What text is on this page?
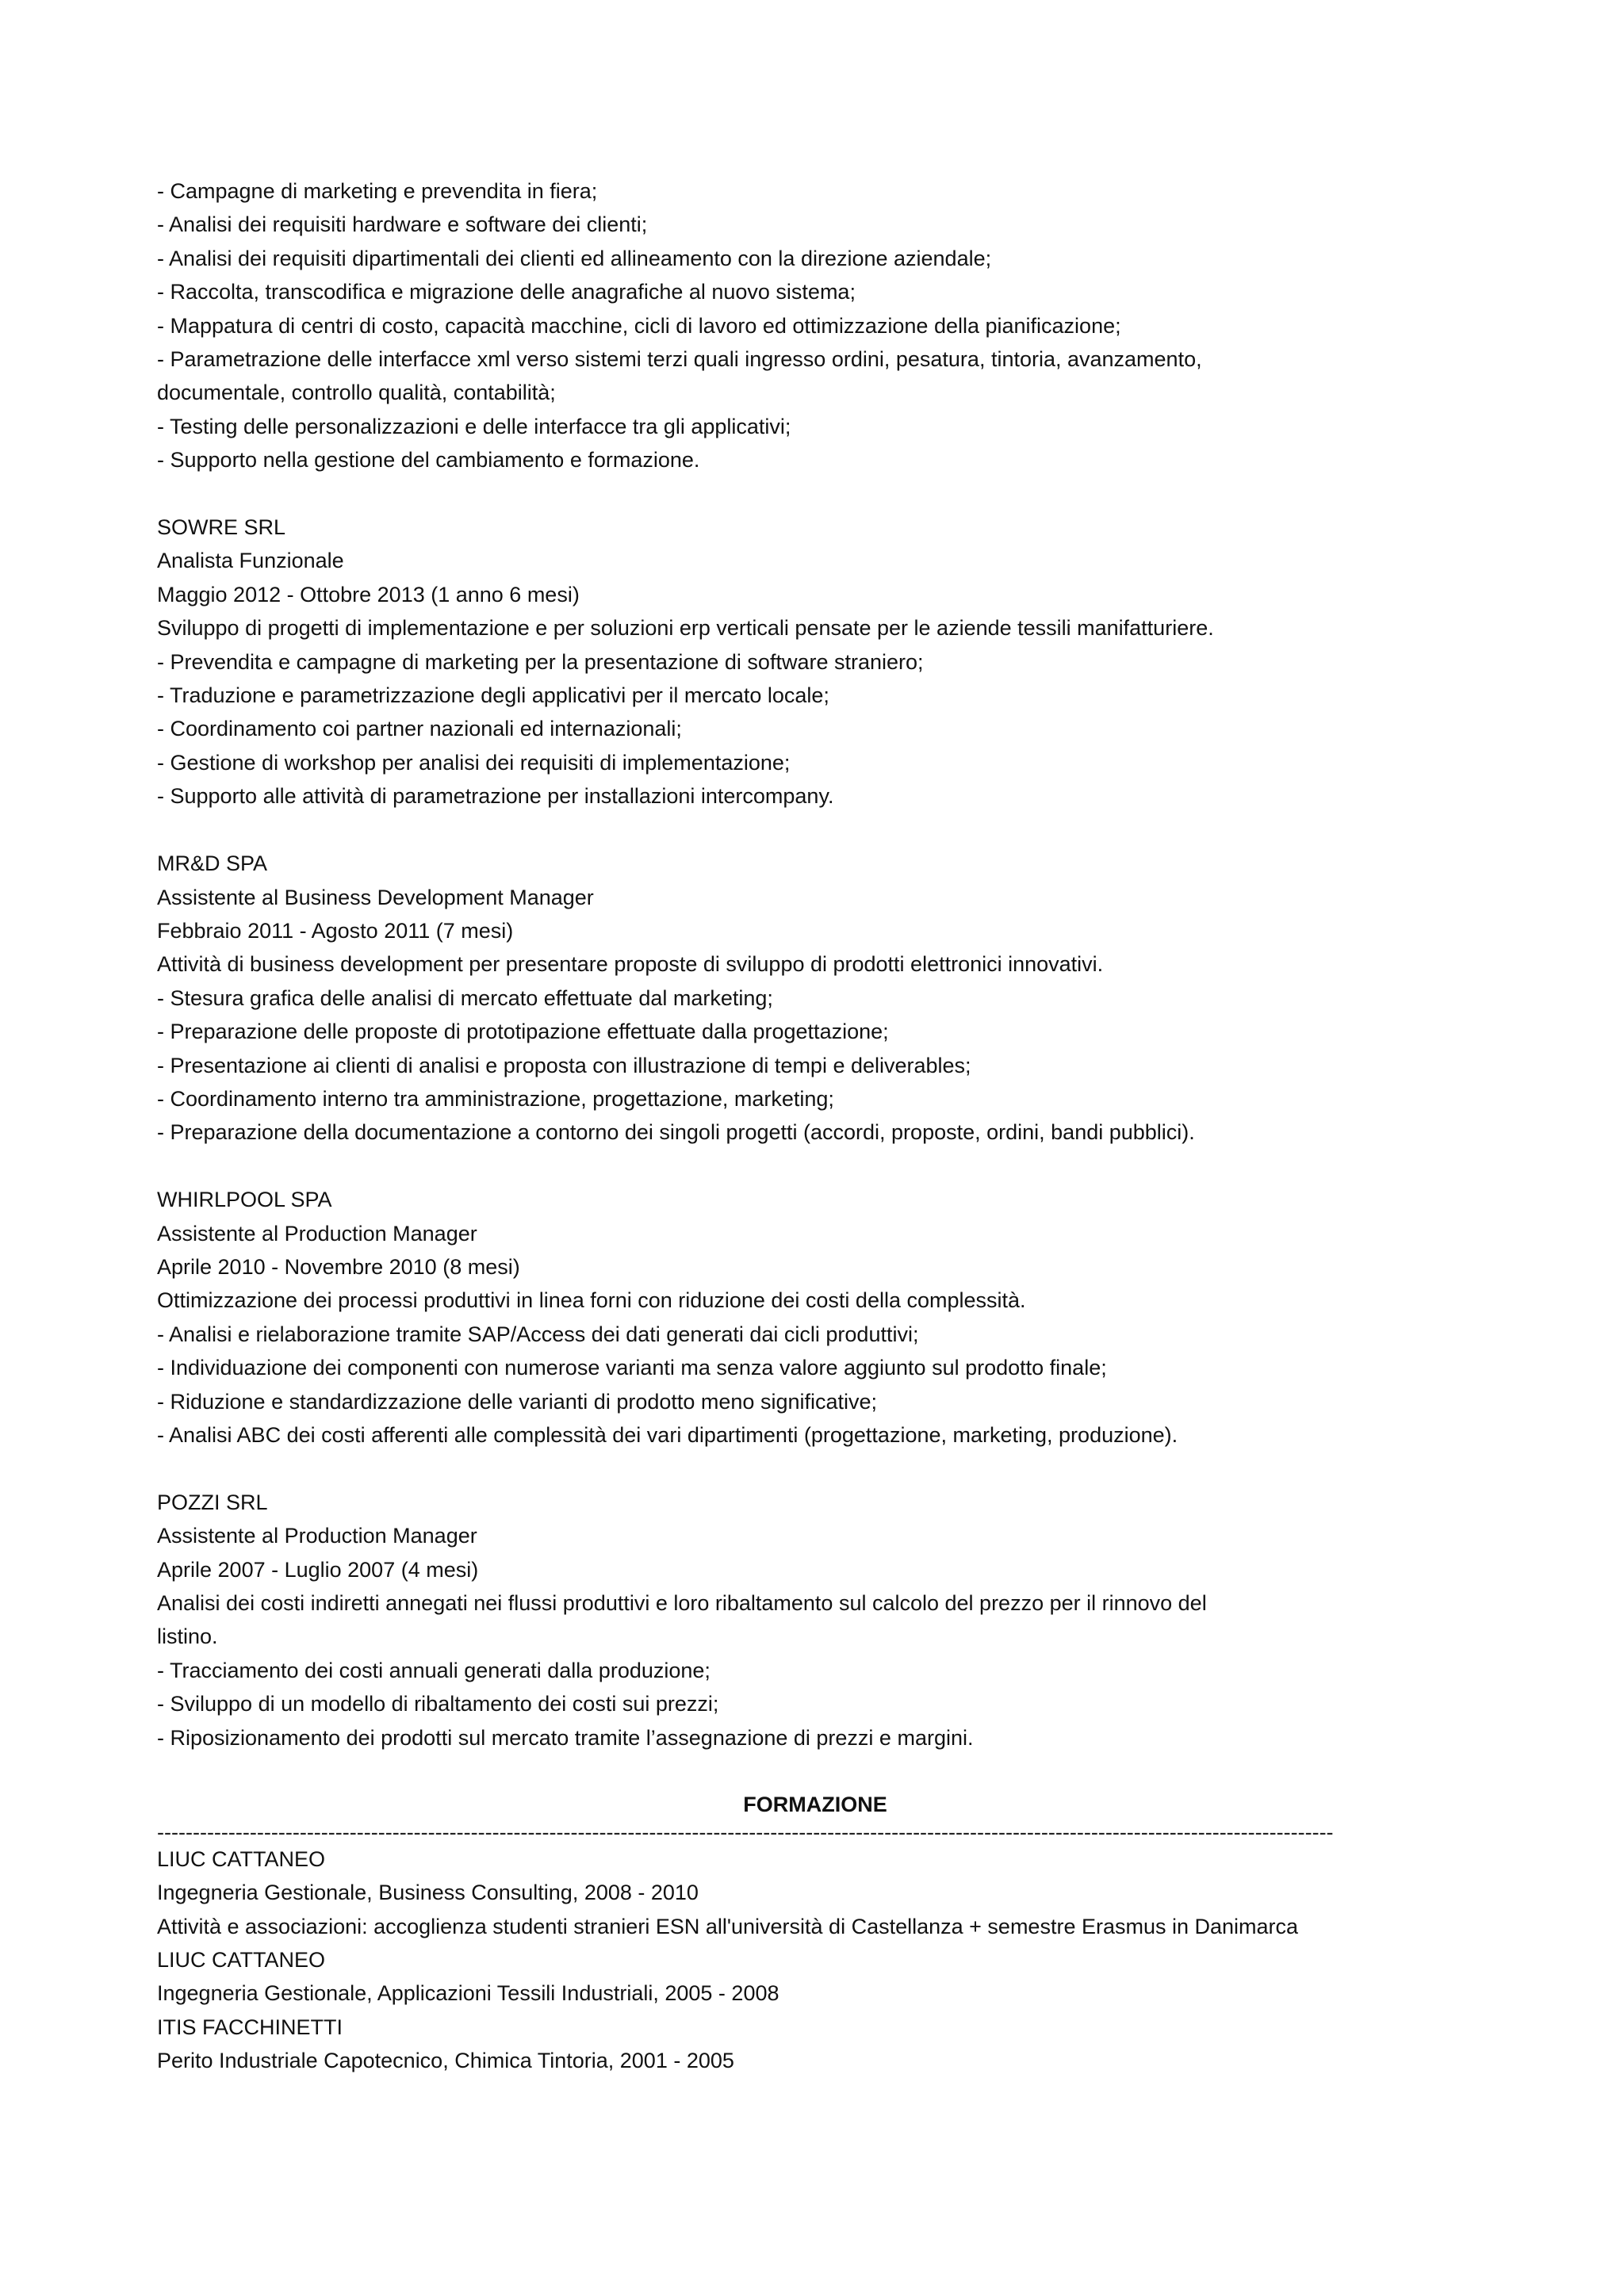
- Campagne di marketing e prevendita in fiera;
- Analisi dei requisiti hardware e software dei clienti;
- Analisi dei requisiti dipartimentali dei clienti ed allineamento con la direzione aziendale;
- Raccolta, transcodifica e migrazione delle anagrafiche al nuovo sistema;
- Mappatura di centri di costo, capacità macchine, cicli di lavoro ed ottimizzazione della pianificazione;
- Parametrazione delle interfacce xml verso sistemi terzi quali ingresso ordini, pesatura, tintoria, avanzamento,
documentale, controllo qualità, contabilità;
- Testing delle personalizzazioni e delle interfacce tra gli applicativi;
- Supporto nella gestione del cambiamento e formazione.
SOWRE SRL
Analista Funzionale
Maggio 2012 - Ottobre 2013 (1 anno 6 mesi)
Sviluppo di progetti di implementazione e per soluzioni erp verticali pensate per le aziende tessili manifatturiere.
- Prevendita e campagne di marketing per la presentazione di software straniero;
- Traduzione e parametrizzazione degli applicativi per il mercato locale;
- Coordinamento coi partner nazionali ed internazionali;
- Gestione di workshop per analisi dei requisiti di implementazione;
- Supporto alle attività di parametrazione per installazioni intercompany.
MR&D SPA
Assistente al Business Development Manager
Febbraio 2011 - Agosto 2011 (7 mesi)
Attività di business development per presentare proposte di sviluppo di prodotti elettronici innovativi.
- Stesura grafica delle analisi di mercato effettuate dal marketing;
- Preparazione delle proposte di prototipazione effettuate dalla progettazione;
- Presentazione ai clienti di analisi e proposta con illustrazione di tempi e deliverables;
- Coordinamento interno tra amministrazione, progettazione, marketing;
- Preparazione della documentazione a contorno dei singoli progetti (accordi, proposte, ordini, bandi pubblici).
WHIRLPOOL SPA
Assistente al Production Manager
Aprile 2010 - Novembre 2010 (8 mesi)
Ottimizzazione dei processi produttivi in linea forni con riduzione dei costi della complessità.
- Analisi e rielaborazione tramite SAP/Access dei dati generati dai cicli produttivi;
- Individuazione dei componenti con numerose varianti ma senza valore aggiunto sul prodotto finale;
- Riduzione e standardizzazione delle varianti di prodotto meno significative;
- Analisi ABC dei costi afferenti alle complessità dei vari dipartimenti (progettazione, marketing, produzione).
POZZI SRL
Assistente al Production Manager
Aprile 2007 - Luglio 2007 (4 mesi)
Analisi dei costi indiretti annegati nei flussi produttivi e loro ribaltamento sul calcolo del prezzo per il rinnovo del
listino.
- Tracciamento dei costi annuali generati dalla produzione;
- Sviluppo di un modello di ribaltamento dei costi sui prezzi;
- Riposizionamento dei prodotti sul mercato tramite l’assegnazione di prezzi e margini.
FORMAZIONE
---------------------------------------------------------------------------------------------------------------------------------------------------------------------
LIUC CATTANEO
Ingegneria Gestionale, Business Consulting, 2008 - 2010
Attività e associazioni: accoglienza studenti stranieri ESN all'università di Castellanza + semestre Erasmus in Danimarca
LIUC CATTANEO
Ingegneria Gestionale, Applicazioni Tessili Industriali, 2005 - 2008
ITIS FACCHINETTI
Perito Industriale Capotecnico, Chimica Tintoria, 2001 - 2005
